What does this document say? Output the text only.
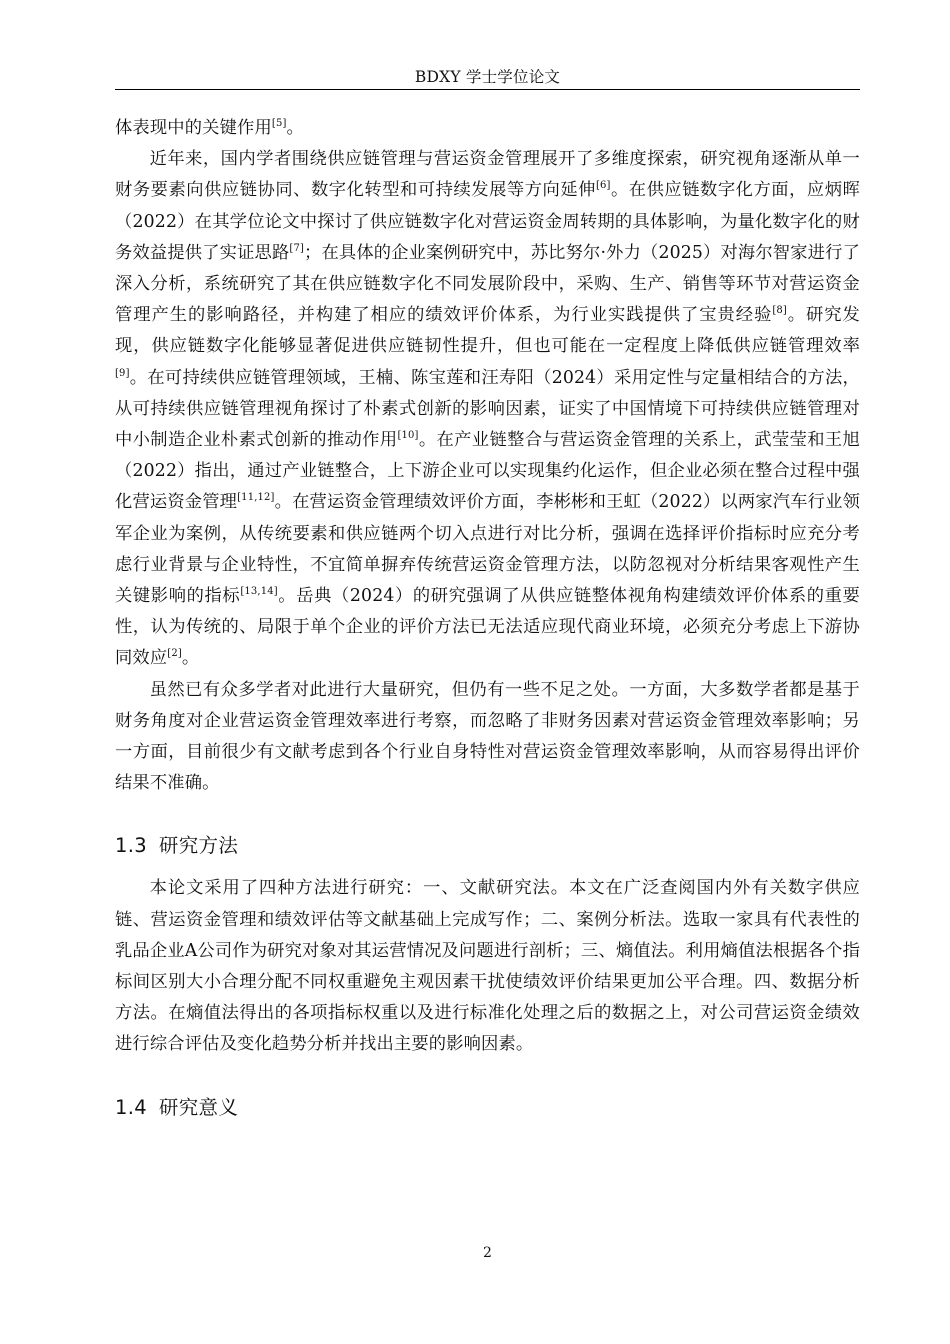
BDXY 学士学位论文

体表现中的关键作用[5]。

近年来，国内学者围绕供应链管理与营运资金管理展开了多维度探索，研究视角逐渐从单一财务要素向供应链协同、数字化转型和可持续发展等方向延伸[6]。在供应链数字化方面，应炳晖（2022）在其学位论文中探讨了供应链数字化对营运资金周转期的具体影响，为量化数字化的财务效益提供了实证思路[7]；在具体的企业案例研究中，苏比努尔·外力（2025）对海尔智家进行了深入分析，系统研究了其在供应链数字化不同发展阶段中，采购、生产、销售等环节对营运资金管理产生的影响路径，并构建了相应的绩效评价体系，为行业实践提供了宝贵经验[8]。研究发现，供应链数字化能够显著促进供应链韧性提升，但也可能在一定程度上降低供应链管理效率[9]。在可持续供应链管理领域，王楠、陈宝莲和汪寿阳（2024）采用定性与定量相结合的方法，从可持续供应链管理视角探讨了朴素式创新的影响因素，证实了中国情境下可持续供应链管理对中小制造企业朴素式创新的推动作用[10]。在产业链整合与营运资金管理的关系上，武莹莹和王旭（2022）指出，通过产业链整合，上下游企业可以实现集约化运作，但企业必须在整合过程中强化营运资金管理[11,12]。在营运资金管理绩效评价方面，李彬彬和王虹（2022）以两家汽车行业领军企业为案例，从传统要素和供应链两个切入点进行对比分析，强调在选择评价指标时应充分考虑行业背景与企业特性，不宜简单摒弃传统营运资金管理方法，以防忽视对分析结果客观性产生关键影响的指标[13,14]。岳典（2024）的研究强调了从供应链整体视角构建绩效评价体系的重要性，认为传统的、局限于单个企业的评价方法已无法适应现代商业环境，必须充分考虑上下游协同效应[2]。

虽然已有众多学者对此进行大量研究，但仍有一些不足之处。一方面，大多数学者都是基于财务角度对企业营运资金管理效率进行考察，而忽略了非财务因素对营运资金管理效率影响；另一方面，目前很少有文献考虑到各个行业自身特性对营运资金管理效率影响，从而容易得出评价结果不准确。

1.3 研究方法

本论文采用了四种方法进行研究：一、文献研究法。本文在广泛查阅国内外有关数字供应链、营运资金管理和绩效评估等文献基础上完成写作；二、案例分析法。选取一家具有代表性的乳品企业A公司作为研究对象对其运营情况及问题进行剖析；三、熵值法。利用熵值法根据各个指标间区别大小合理分配不同权重避免主观因素干扰使绩效评价结果更加公平合理。四、数据分析方法。在熵值法得出的各项指标权重以及进行标准化处理之后的数据之上，对公司营运资金绩效进行综合评估及变化趋势分析并找出主要的影响因素。

1.4 研究意义
2
